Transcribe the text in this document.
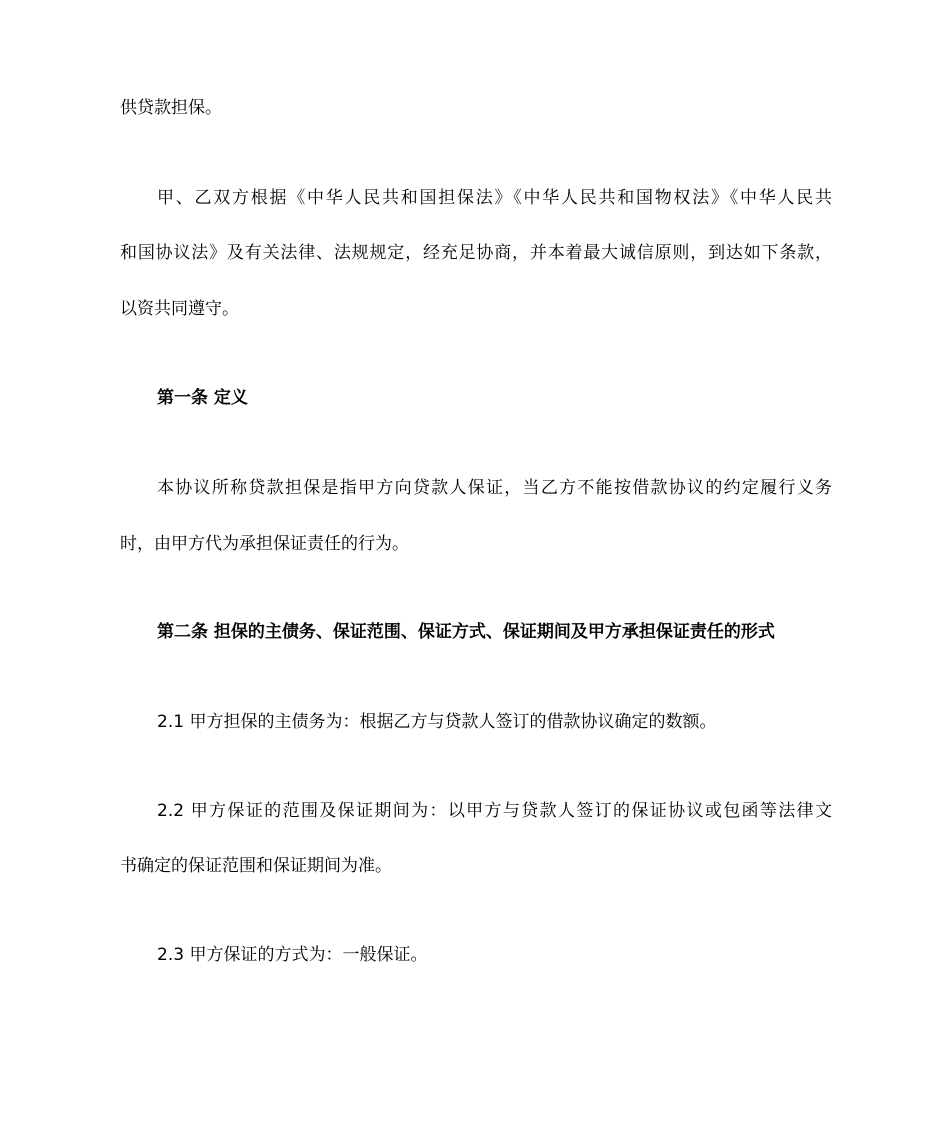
供贷款担保。
甲、乙双方根据《中华人民共和国担保法》《中华人民共和国物权法》《中华人民共
和国协议法》及有关法律、法规规定，经充足协商，并本着最大诚信原则，到达如下条款，
以资共同遵守。
第一条 定义
本协议所称贷款担保是指甲方向贷款人保证，当乙方不能按借款协议的约定履行义务
时，由甲方代为承担保证责任的行为。
第二条 担保的主债务、保证范围、保证方式、保证期间及甲方承担保证责任的形式
2.1 甲方担保的主债务为：根据乙方与贷款人签订的借款协议确定的数额。
2.2 甲方保证的范围及保证期间为：以甲方与贷款人签订的保证协议或包函等法律文
书确定的保证范围和保证期间为准。
2.3 甲方保证的方式为：一般保证。
